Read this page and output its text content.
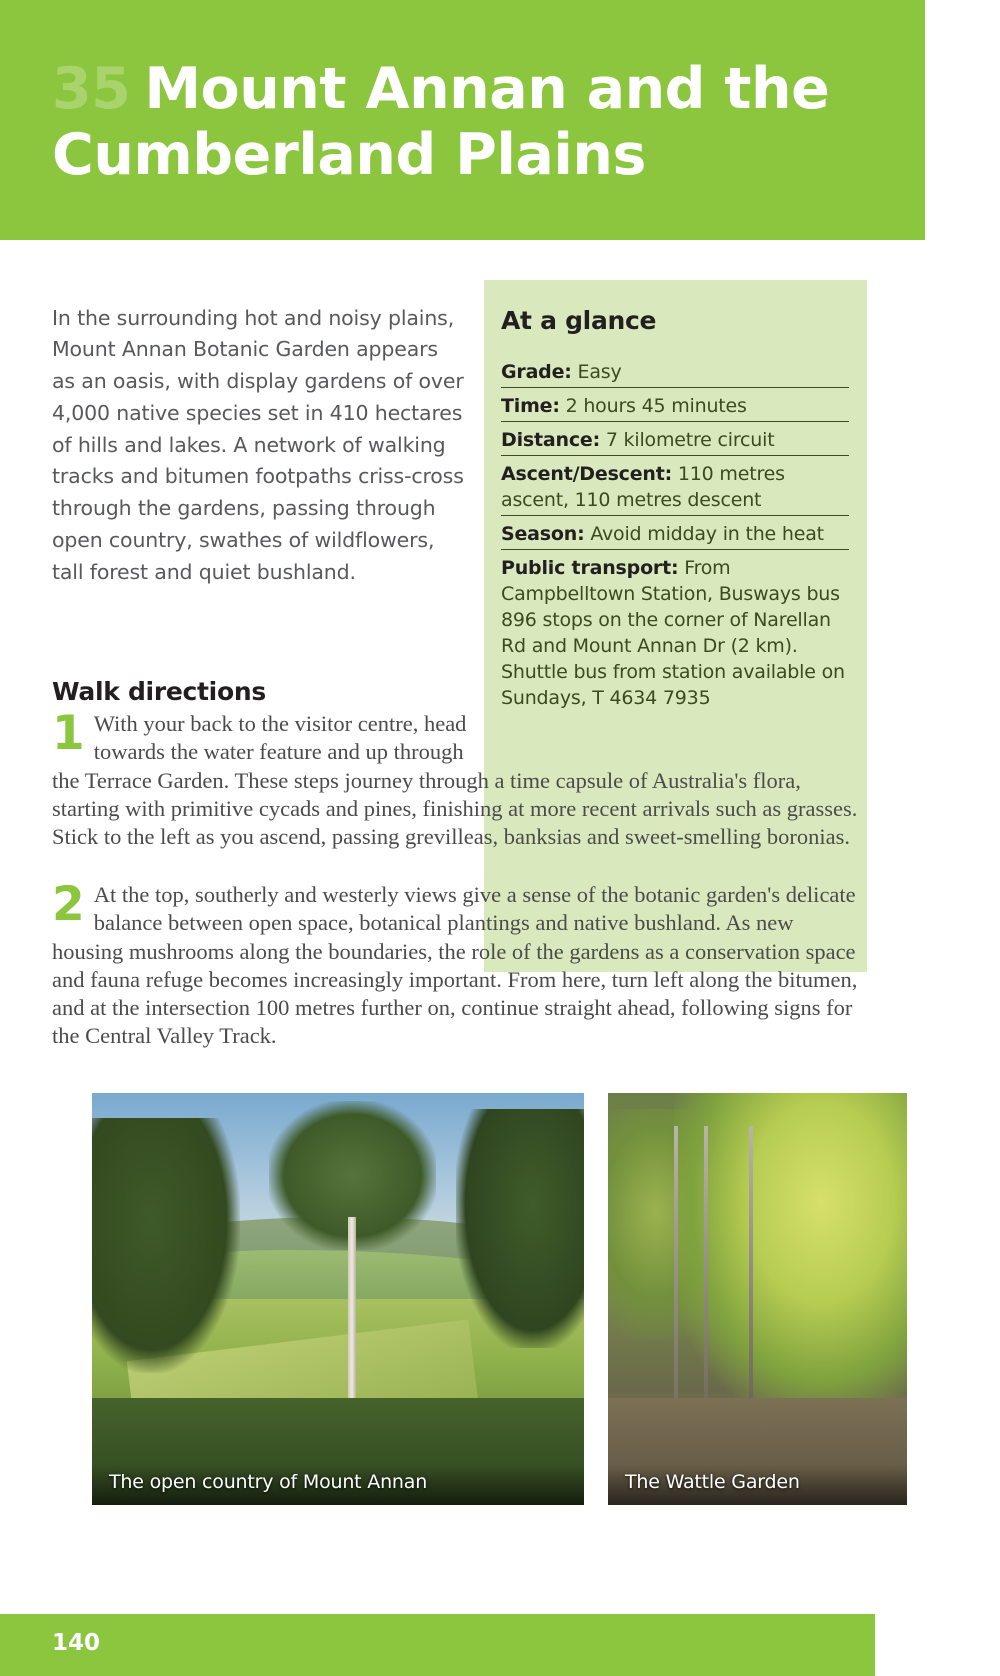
35 Mount Annan and the Cumberland Plains

In the surrounding hot and noisy plains, Mount Annan Botanic Garden appears as an oasis, with display gardens of over 4,000 native species set in 410 hectares of hills and lakes. A network of walking tracks and bitumen footpaths criss-cross through the gardens, passing through open country, swathes of wildflowers, tall forest and quiet bushland.

At a glance
Grade: Easy
Time: 2 hours 45 minutes
Distance: 7 kilometre circuit
Ascent/Descent: 110 metres ascent, 110 metres descent
Season: Avoid midday in the heat
Public transport: From Campbelltown Station, Busways bus 896 stops on the corner of Narellan Rd and Mount Annan Dr (2 km). Shuttle bus from station available on Sundays, T 4634 7935
Walk directions
1 With your back to the visitor centre, head towards the water feature and up through the Terrace Garden. These steps journey through a time capsule of Australia's flora, starting with primitive cycads and pines, finishing at more recent arrivals such as grasses. Stick to the left as you ascend, passing grevilleas, banksias and sweet-smelling boronias.
2 At the top, southerly and westerly views give a sense of the botanic garden's delicate balance between open space, botanical plantings and native bushland. As new housing mushrooms along the boundaries, the role of the gardens as a conservation space and fauna refuge becomes increasingly important. From here, turn left along the bitumen, and at the intersection 100 metres further on, continue straight ahead, following signs for the Central Valley Track.
The open country of Mount Annan	The Wattle Garden
140
